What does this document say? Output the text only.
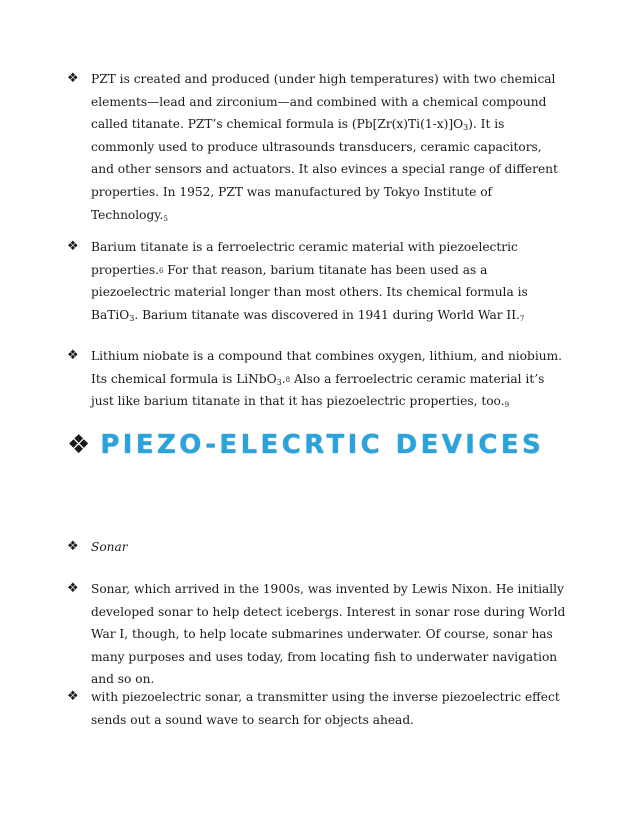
❖ PZT is created and produced (under high temperatures) with two chemical elements—lead and zirconium—and combined with a chemical compound called titanate. PZT’s chemical formula is $(Pb[Zr(x)Ti(1-x)]O_3)$. It is commonly used to produce ultrasounds transducers, ceramic capacitors, and other sensors and actuators. It also evinces a special range of different properties. In 1952, PZT was manufactured by Tokyo Institute of $Technology._5$
❖ Barium titanate is a ferroelectric ceramic material with piezoelectric properties.$^6$ For that reason, barium titanate has been used as a piezoelectric material longer than most others. Its chemical formula is BaTiO$_3$. Barium titanate was discovered in 1941 during World War $II._7$
❖ Lithium niobate is a compound that combines oxygen, lithium, and niobium. Its chemical formula is LiNbO$_3$.$^8$ Also a ferroelectric ceramic material it’s just like barium titanate in that it has piezoelectric properties, $too._9$
❖ PIEZO-ELECRTIC DEVICES
❖ Sonar
❖ Sonar, which arrived in the 1900s, was invented by Lewis Nixon. He initially developed sonar to help detect icebergs. Interest in sonar rose during World War I, though, to help locate submarines underwater. Of course, sonar has many purposes and uses today, from locating fish to underwater navigation and so on.
❖ with piezoelectric sonar, a transmitter using the inverse piezoelectric effect sends out a sound wave to search for objects ahead.
